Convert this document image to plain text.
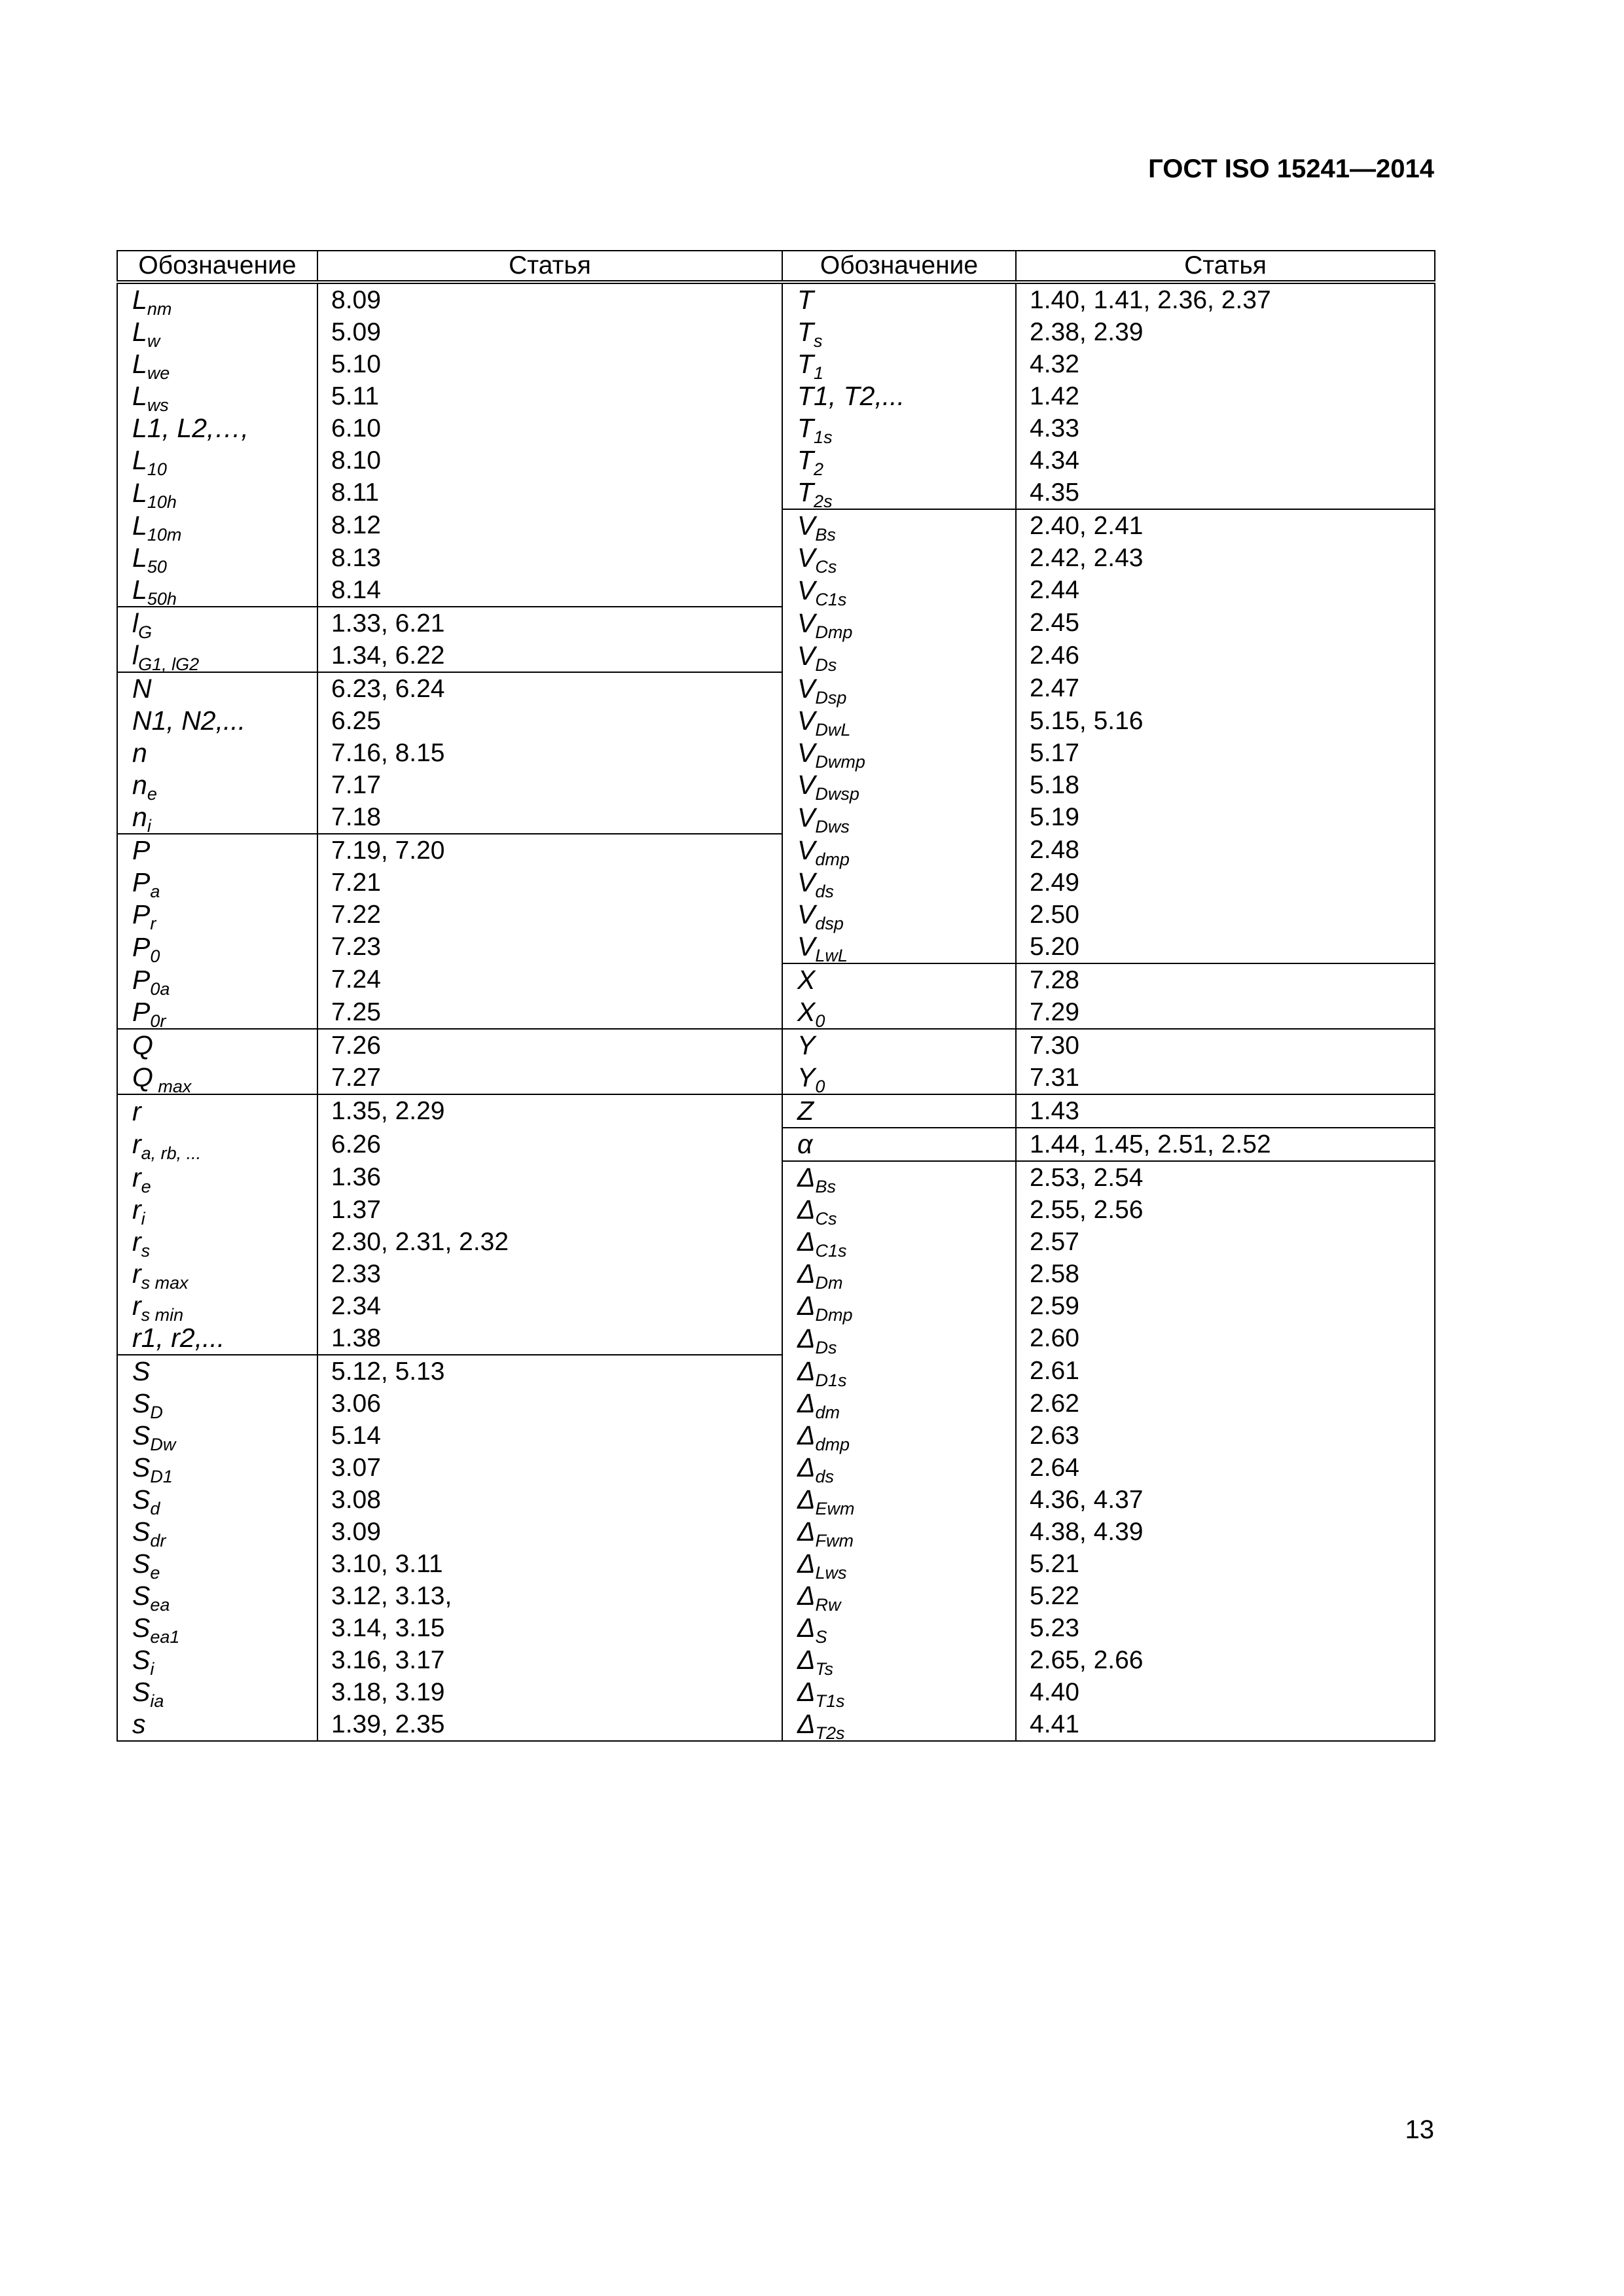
ГОСТ ISO 15241—2014
Обозначение	Статья	Обозначение	Статья
$L_{nm}$	8.09	T	1.40, 1.41, 2.36, 2.37
$L_w$	5.09	$T_s$	2.38, 2.39
$L_{we}$	5.10	$T_1$	4.32
$L_{ws}$	5.11	T1, T2,...	1.42
L1, L2,…,	6.10	$T_{1s}$	4.33
$L_{10}$	8.10	$T_2$	4.34
$L_{10h}$	8.11	$T_{2s}$	4.35
$L_{10m}$	8.12	$V_{Bs}$	2.40, 2.41
$L_{50}$	8.13	$V_{Cs}$	2.42, 2.43
$L_{50h}$	8.14	$V_{C1s}$	2.44
$l_G$	1.33, 6.21	$V_{Dmp}$	2.45
$l_{G1, lG2}$	1.34, 6.22	$V_{Ds}$	2.46
N	6.23, 6.24	$V_{Dsp}$	2.47
N1, N2,...	6.25	$V_{DwL}$	5.15, 5.16
n	7.16, 8.15	$V_{Dwmp}$	5.17
$n_e$	7.17	$V_{Dwsp}$	5.18
$n_i$	7.18	$V_{Dws}$	5.19
P	7.19, 7.20	$V_{dmp}$	2.48
$P_a$	7.21	$V_{ds}$	2.49
$P_r$	7.22	$V_{dsp}$	2.50
$P_0$	7.23	$V_{LwL}$	5.20
$P_{0a}$	7.24	X	7.28
$P_{0r}$	7.25	$X_0$	7.29
Q	7.26	Y	7.30
Q $_{max}$	7.27	$Y_0$	7.31
r	1.35, 2.29	Z	1.43
$r_{a, rb, ...}$	6.26	α	1.44, 1.45, 2.51, 2.52
$r_e$	1.36	$\Delta_{Bs}$	2.53, 2.54
$r_i$	1.37	$\Delta_{Cs}$	2.55, 2.56
$r_s$	2.30, 2.31, 2.32	$\Delta_{C1s}$	2.57
$r_{s max}$	2.33	$\Delta_{Dm}$	2.58
$r_{s min}$	2.34	$\Delta_{Dmp}$	2.59
r1, r2,...	1.38	$\Delta_{Ds}$	2.60
S	5.12, 5.13	$\Delta_{D1s}$	2.61
$S_D$	3.06	$\Delta_{dm}$	2.62
$S_{Dw}$	5.14	$\Delta_{dmp}$	2.63
$S_{D1}$	3.07	$\Delta_{ds}$	2.64
$S_d$	3.08	$\Delta_{Ewm}$	4.36, 4.37
$S_{dr}$	3.09	$\Delta_{Fwm}$	4.38, 4.39
$S_e$	3.10, 3.11	$\Delta_{Lws}$	5.21
$S_{ea}$	3.12, 3.13,	$\Delta_{Rw}$	5.22
$S_{ea1}$	3.14, 3.15	$\Delta_S$	5.23
$S_i$	3.16, 3.17	$\Delta_{Ts}$	2.65, 2.66
$S_{ia}$	3.18, 3.19	$\Delta_{T1s}$	4.40
s	1.39, 2.35	$\Delta_{T2s}$	4.41
13
